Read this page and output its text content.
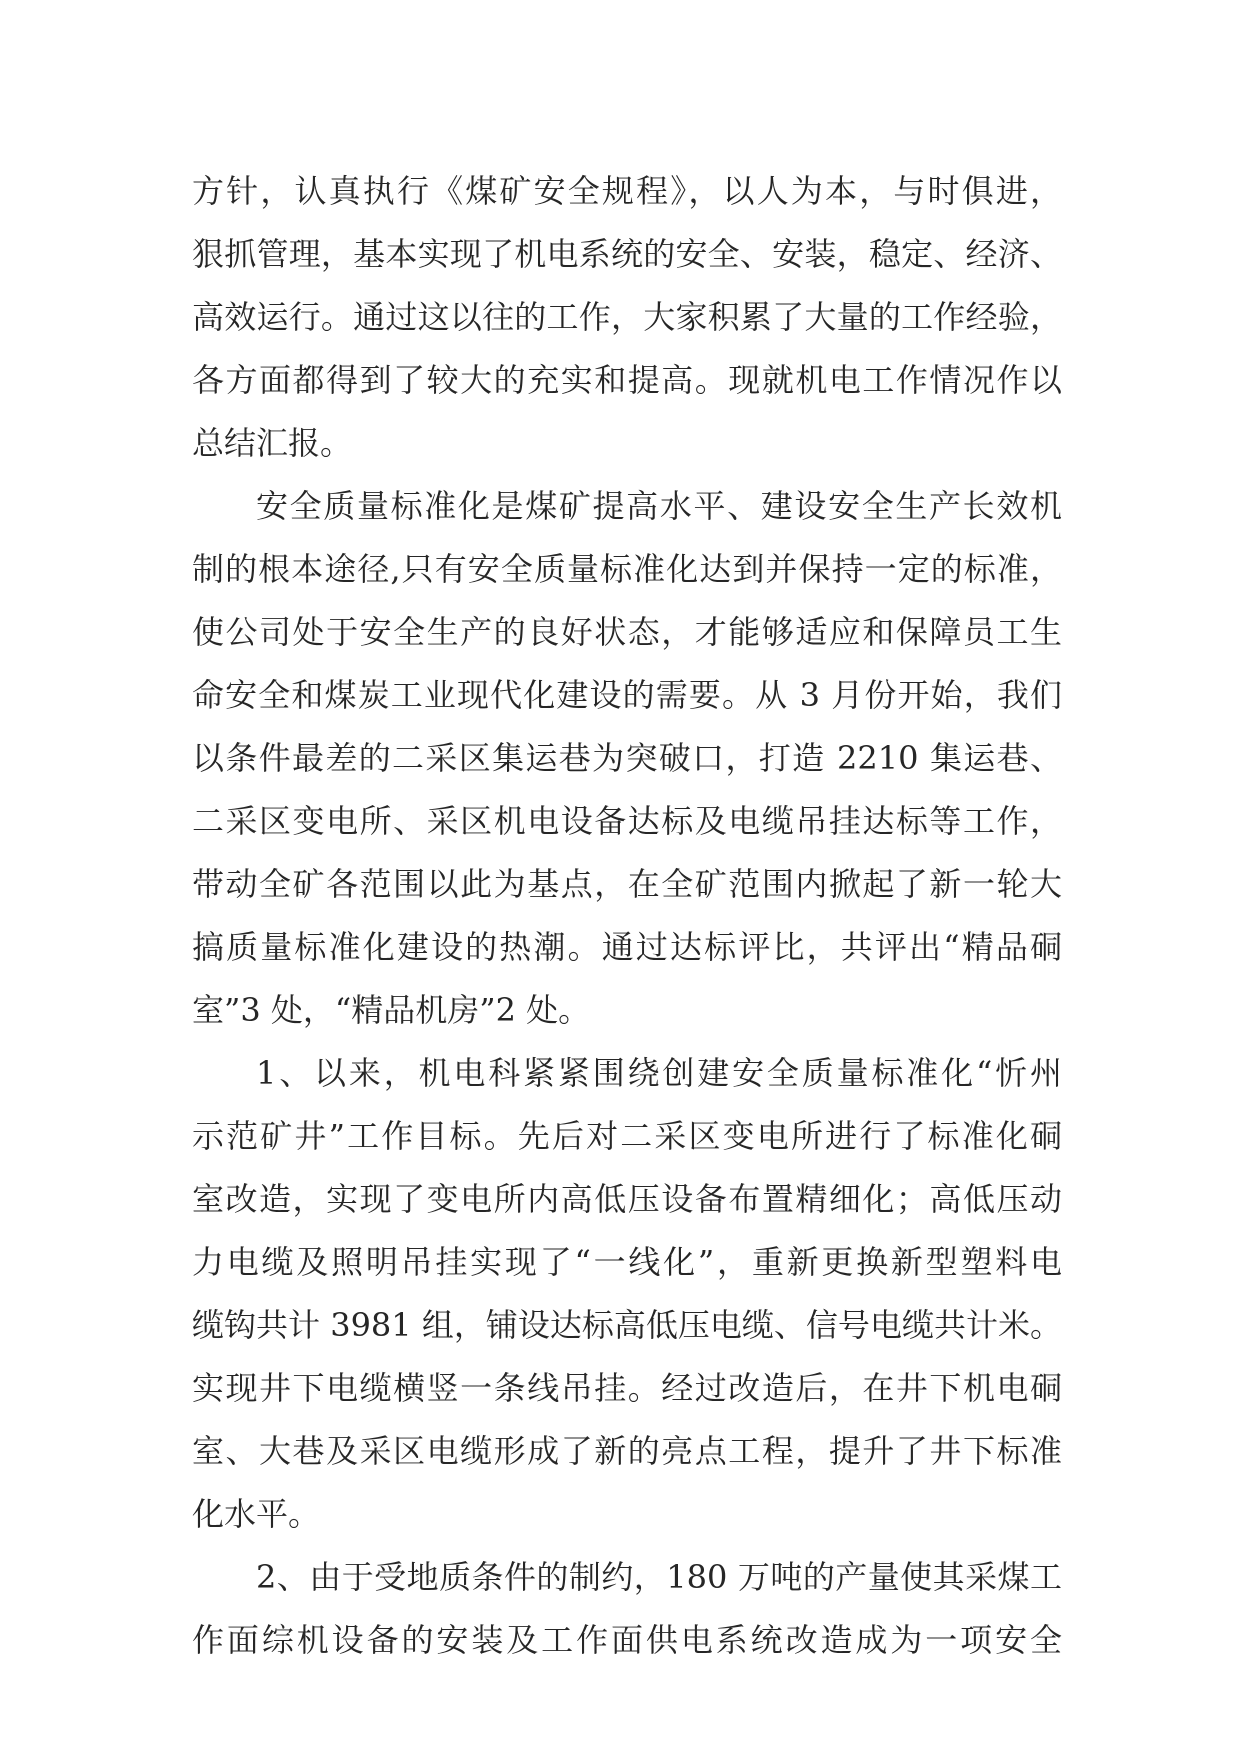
方针，认真执行《煤矿安全规程》，以人为本，与时俱进，
狠抓管理，基本实现了机电系统的安全、安装，稳定、经济、
高效运行。通过这以往的工作，大家积累了大量的工作经验，
各方面都得到了较大的充实和提高。现就机电工作情况作以
总结汇报。
安全质量标准化是煤矿提高水平、建设安全生产长效机
制的根本途径,只有安全质量标准化达到并保持一定的标准，
使公司处于安全生产的良好状态，才能够适应和保障员工生
命安全和煤炭工业现代化建设的需要。从 3 月份开始，我们
以条件最差的二采区集运巷为突破口，打造 2210 集运巷、
二采区变电所、采区机电设备达标及电缆吊挂达标等工作，
带动全矿各范围以此为基点，在全矿范围内掀起了新一轮大
搞质量标准化建设的热潮。通过达标评比，共评出“精品硐
室”3 处，“精品机房”2 处。
1、以来，机电科紧紧围绕创建安全质量标准化“忻州
示范矿井”工作目标。先后对二采区变电所进行了标准化硐
室改造，实现了变电所内高低压设备布置精细化；高低压动
力电缆及照明吊挂实现了“一线化”，重新更换新型塑料电
缆钩共计 3981 组，铺设达标高低压电缆、信号电缆共计米。
实现井下电缆横竖一条线吊挂。经过改造后，在井下机电硐
室、大巷及采区电缆形成了新的亮点工程，提升了井下标准
化水平。
2、由于受地质条件的制约，180 万吨的产量使其采煤工
作面综机设备的安装及工作面供电系统改造成为一项安全
